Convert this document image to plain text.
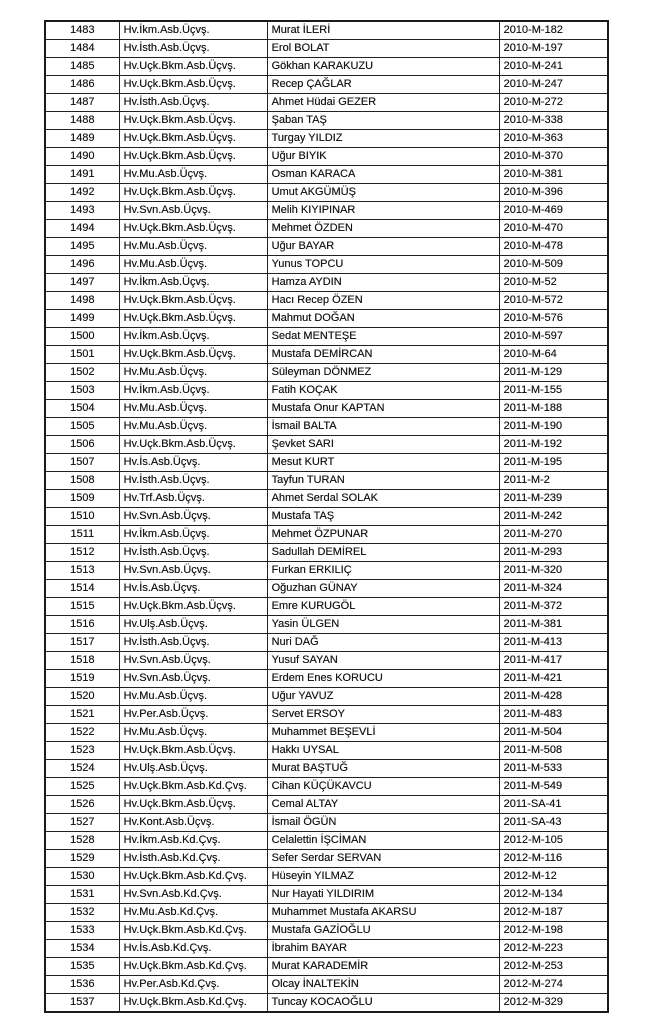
1483	Hv.İkm.Asb.Üçvş.	Murat İLERİ	2010-M-182
1484	Hv.İsth.Asb.Üçvş.	Erol BOLAT	2010-M-197
1485	Hv.Uçk.Bkm.Asb.Üçvş.	Gökhan KARAKUZU	2010-M-241
1486	Hv.Uçk.Bkm.Asb.Üçvş.	Recep ÇAĞLAR	2010-M-247
1487	Hv.İsth.Asb.Üçvş.	Ahmet Hüdai GEZER	2010-M-272
1488	Hv.Uçk.Bkm.Asb.Üçvş.	Şaban TAŞ	2010-M-338
1489	Hv.Uçk.Bkm.Asb.Üçvş.	Turgay YILDIZ	2010-M-363
1490	Hv.Uçk.Bkm.Asb.Üçvş.	Uğur BIYIK	2010-M-370
1491	Hv.Mu.Asb.Üçvş.	Osman KARACA	2010-M-381
1492	Hv.Uçk.Bkm.Asb.Üçvş.	Umut AKGÜMÜŞ	2010-M-396
1493	Hv.Svn.Asb.Üçvş.	Melih KIYIPINAR	2010-M-469
1494	Hv.Uçk.Bkm.Asb.Üçvş.	Mehmet ÖZDEN	2010-M-470
1495	Hv.Mu.Asb.Üçvş.	Uğur BAYAR	2010-M-478
1496	Hv.Mu.Asb.Üçvş.	Yunus TOPCU	2010-M-509
1497	Hv.İkm.Asb.Üçvş.	Hamza AYDIN	2010-M-52
1498	Hv.Uçk.Bkm.Asb.Üçvş.	Hacı Recep ÖZEN	2010-M-572
1499	Hv.Uçk.Bkm.Asb.Üçvş.	Mahmut DOĞAN	2010-M-576
1500	Hv.İkm.Asb.Üçvş.	Sedat MENTEŞE	2010-M-597
1501	Hv.Uçk.Bkm.Asb.Üçvş.	Mustafa DEMİRCAN	2010-M-64
1502	Hv.Mu.Asb.Üçvş.	Süleyman DÖNMEZ	2011-M-129
1503	Hv.İkm.Asb.Üçvş.	Fatih KOÇAK	2011-M-155
1504	Hv.Mu.Asb.Üçvş.	Mustafa Onur KAPTAN	2011-M-188
1505	Hv.Mu.Asb.Üçvş.	İsmail BALTA	2011-M-190
1506	Hv.Uçk.Bkm.Asb.Üçvş.	Şevket SARI	2011-M-192
1507	Hv.İs.Asb.Üçvş.	Mesut KURT	2011-M-195
1508	Hv.İsth.Asb.Üçvş.	Tayfun TURAN	2011-M-2
1509	Hv.Trf.Asb.Üçvş.	Ahmet Serdal SOLAK	2011-M-239
1510	Hv.Svn.Asb.Üçvş.	Mustafa TAŞ	2011-M-242
1511	Hv.İkm.Asb.Üçvş.	Mehmet ÖZPUNAR	2011-M-270
1512	Hv.İsth.Asb.Üçvş.	Sadullah DEMİREL	2011-M-293
1513	Hv.Svn.Asb.Üçvş.	Furkan ERKILIÇ	2011-M-320
1514	Hv.İs.Asb.Üçvş.	Oğuzhan GÜNAY	2011-M-324
1515	Hv.Uçk.Bkm.Asb.Üçvş.	Emre KURUGÖL	2011-M-372
1516	Hv.Ulş.Asb.Üçvş.	Yasin ÜLGEN	2011-M-381
1517	Hv.İsth.Asb.Üçvş.	Nuri DAĞ	2011-M-413
1518	Hv.Svn.Asb.Üçvş.	Yusuf SAYAN	2011-M-417
1519	Hv.Svn.Asb.Üçvş.	Erdem Enes KORUCU	2011-M-421
1520	Hv.Mu.Asb.Üçvş.	Uğur YAVUZ	2011-M-428
1521	Hv.Per.Asb.Üçvş.	Servet ERSOY	2011-M-483
1522	Hv.Mu.Asb.Üçvş.	Muhammet BEŞEVLİ	2011-M-504
1523	Hv.Uçk.Bkm.Asb.Üçvş.	Hakkı UYSAL	2011-M-508
1524	Hv.Ulş.Asb.Üçvş.	Murat BAŞTUĞ	2011-M-533
1525	Hv.Uçk.Bkm.Asb.Kd.Çvş.	Cihan KÜÇÜKAVCU	2011-M-549
1526	Hv.Uçk.Bkm.Asb.Üçvş.	Cemal ALTAY	2011-SA-41
1527	Hv.Kont.Asb.Üçvş.	İsmail ÖGÜN	2011-SA-43
1528	Hv.İkm.Asb.Kd.Çvş.	Celalettin İŞCİMAN	2012-M-105
1529	Hv.İsth.Asb.Kd.Çvş.	Sefer Serdar SERVAN	2012-M-116
1530	Hv.Uçk.Bkm.Asb.Kd.Çvş.	Hüseyin YILMAZ	2012-M-12
1531	Hv.Svn.Asb.Kd.Çvş.	Nur Hayati YILDIRIM	2012-M-134
1532	Hv.Mu.Asb.Kd.Çvş.	Muhammet Mustafa AKARSU	2012-M-187
1533	Hv.Uçk.Bkm.Asb.Kd.Çvş.	Mustafa GAZİOĞLU	2012-M-198
1534	Hv.İs.Asb.Kd.Çvş.	İbrahim BAYAR	2012-M-223
1535	Hv.Uçk.Bkm.Asb.Kd.Çvş.	Murat KARADEMİR	2012-M-253
1536	Hv.Per.Asb.Kd.Çvş.	Olcay İNALTEKİN	2012-M-274
1537	Hv.Uçk.Bkm.Asb.Kd.Çvş.	Tuncay KOCAOĞLU	2012-M-329
